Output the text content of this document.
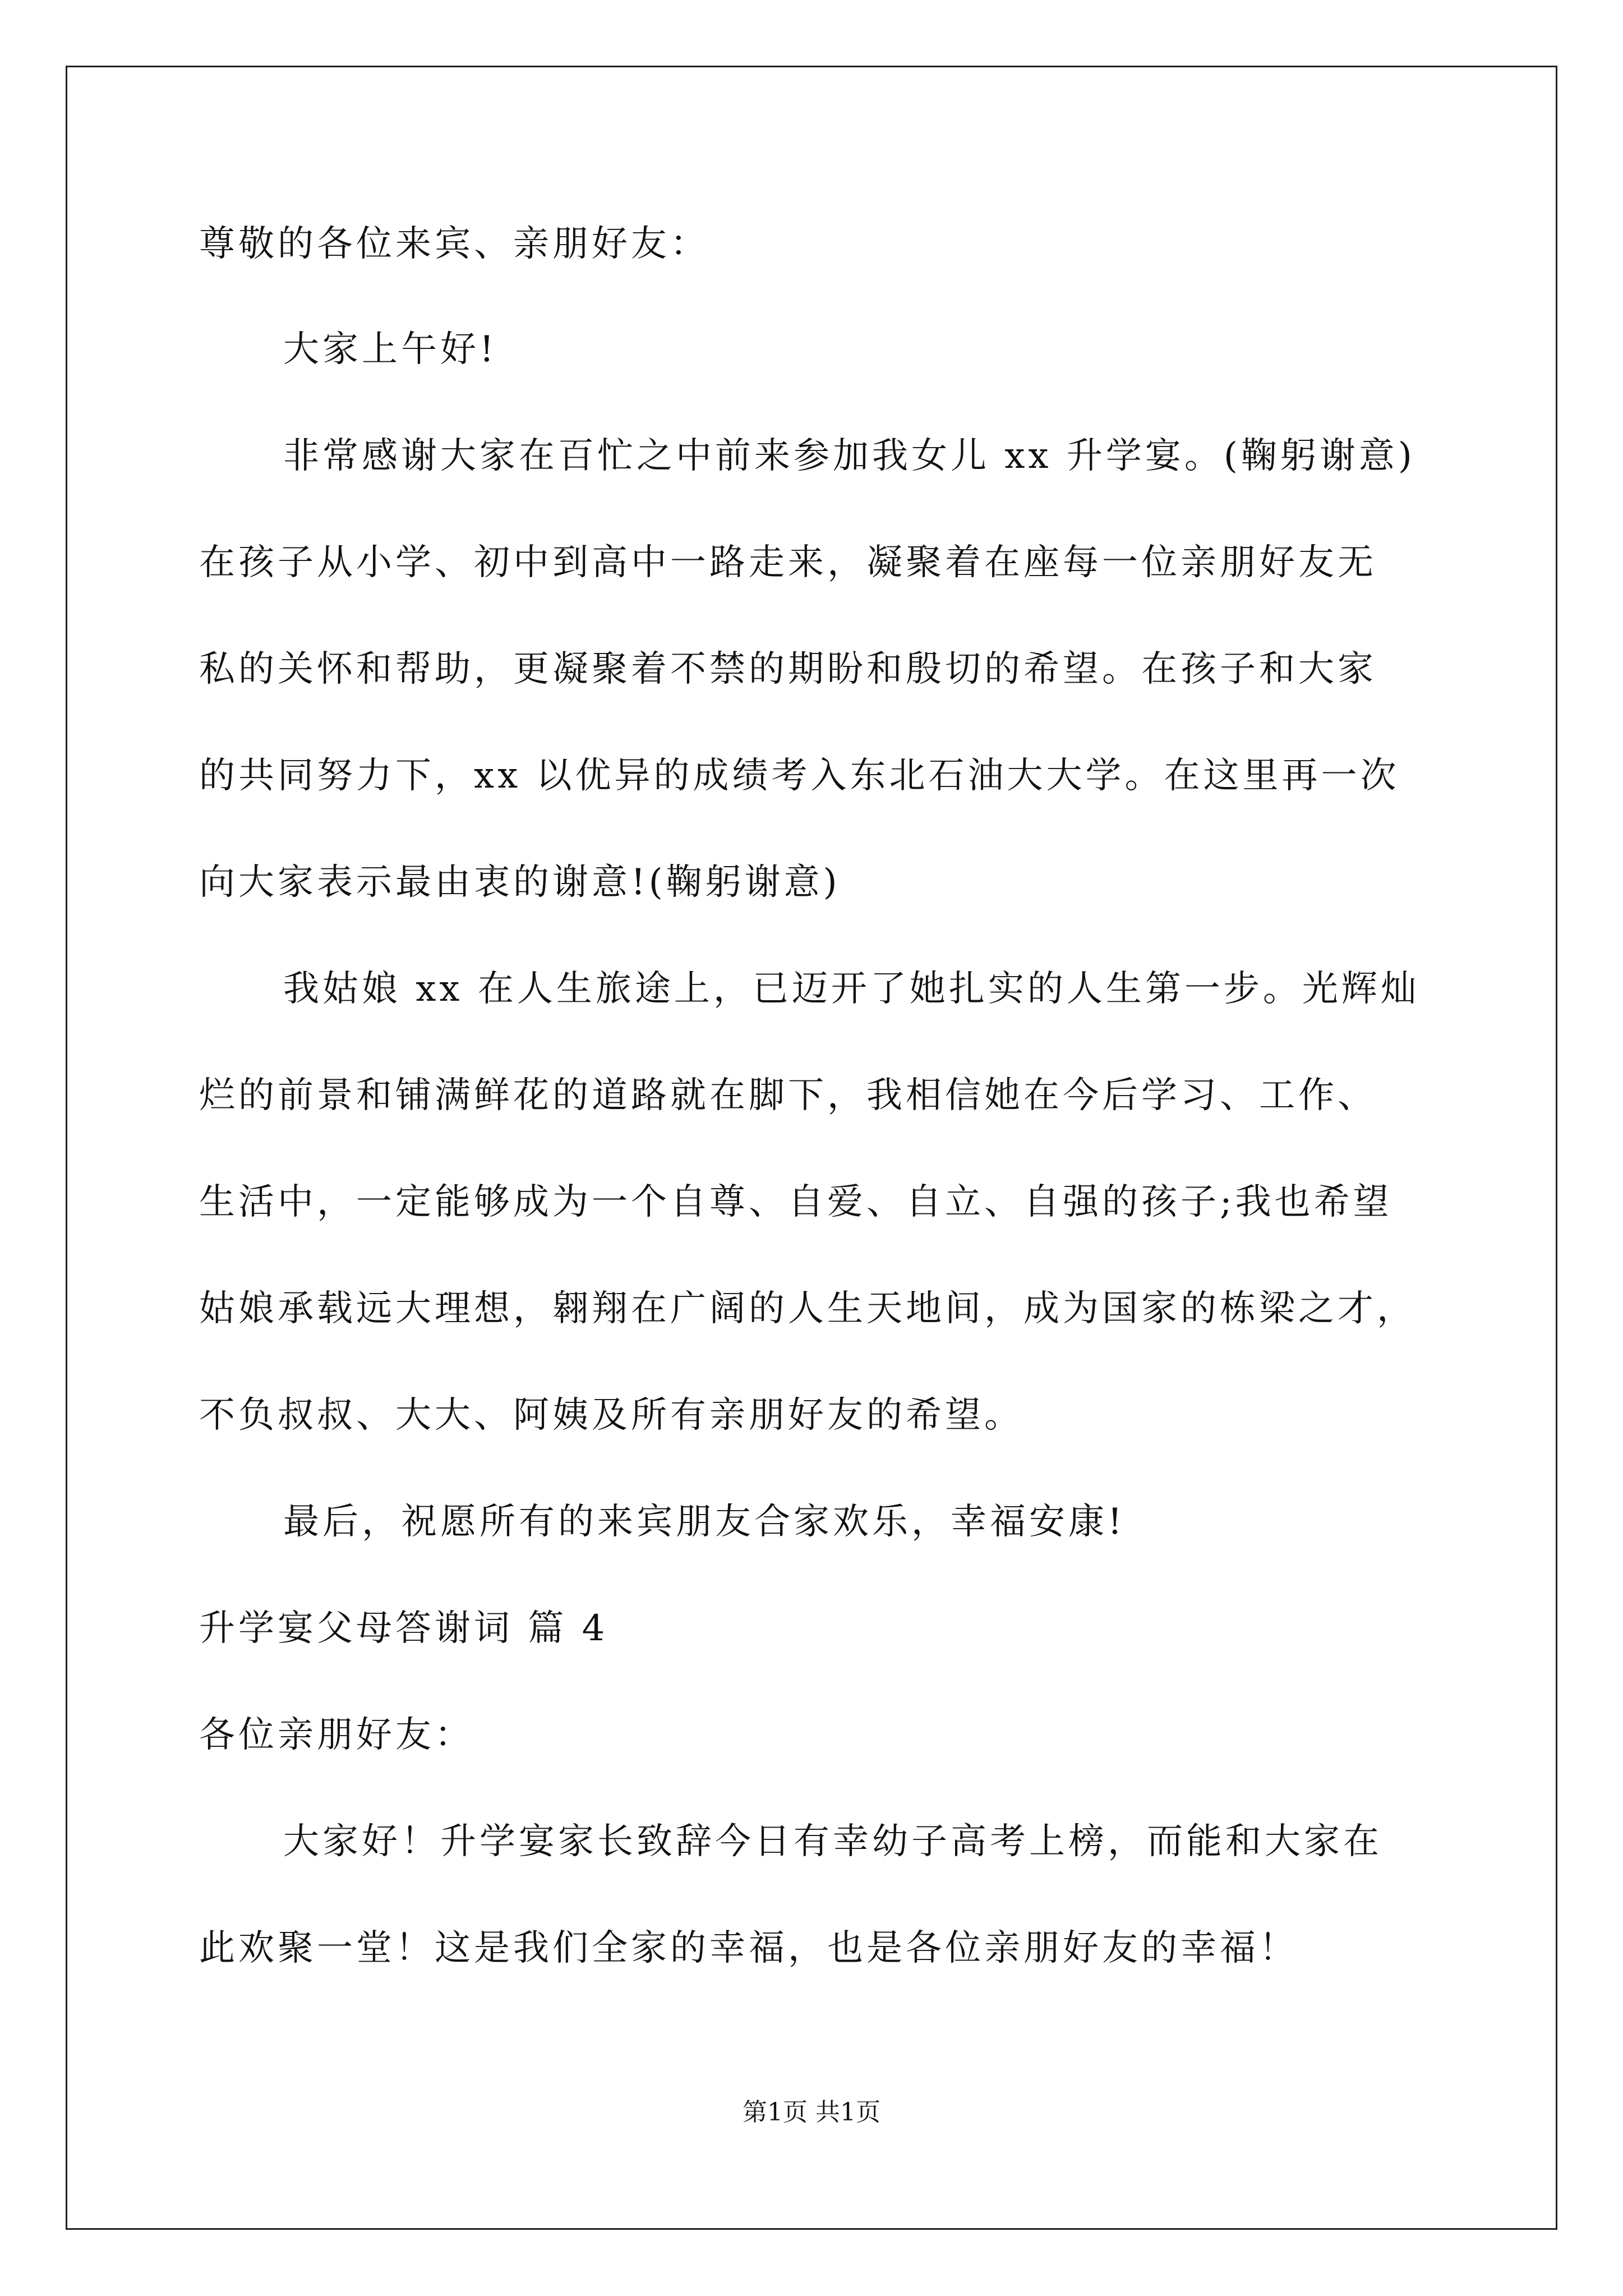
尊敬的各位来宾、亲朋好友：
大家上午好!
非常感谢大家在百忙之中前来参加我女儿 xx 升学宴。(鞠躬谢意)
在孩子从小学、初中到高中一路走来，凝聚着在座每一位亲朋好友无
私的关怀和帮助，更凝聚着不禁的期盼和殷切的希望。在孩子和大家
的共同努力下，xx 以优异的成绩考入东北石油大大学。在这里再一次
向大家表示最由衷的谢意!(鞠躬谢意)
我姑娘 xx 在人生旅途上，已迈开了她扎实的人生第一步。光辉灿
烂的前景和铺满鲜花的道路就在脚下，我相信她在今后学习、工作、
生活中，一定能够成为一个自尊、自爱、自立、自强的孩子;我也希望
姑娘承载远大理想，翱翔在广阔的人生天地间，成为国家的栋梁之才，
不负叔叔、大大、阿姨及所有亲朋好友的希望。
最后，祝愿所有的来宾朋友合家欢乐，幸福安康!
升学宴父母答谢词 篇 4
各位亲朋好友：
大家好！升学宴家长致辞今日有幸幼子高考上榜，而能和大家在
此欢聚一堂！这是我们全家的幸福，也是各位亲朋好友的幸福！
第1页 共1页
